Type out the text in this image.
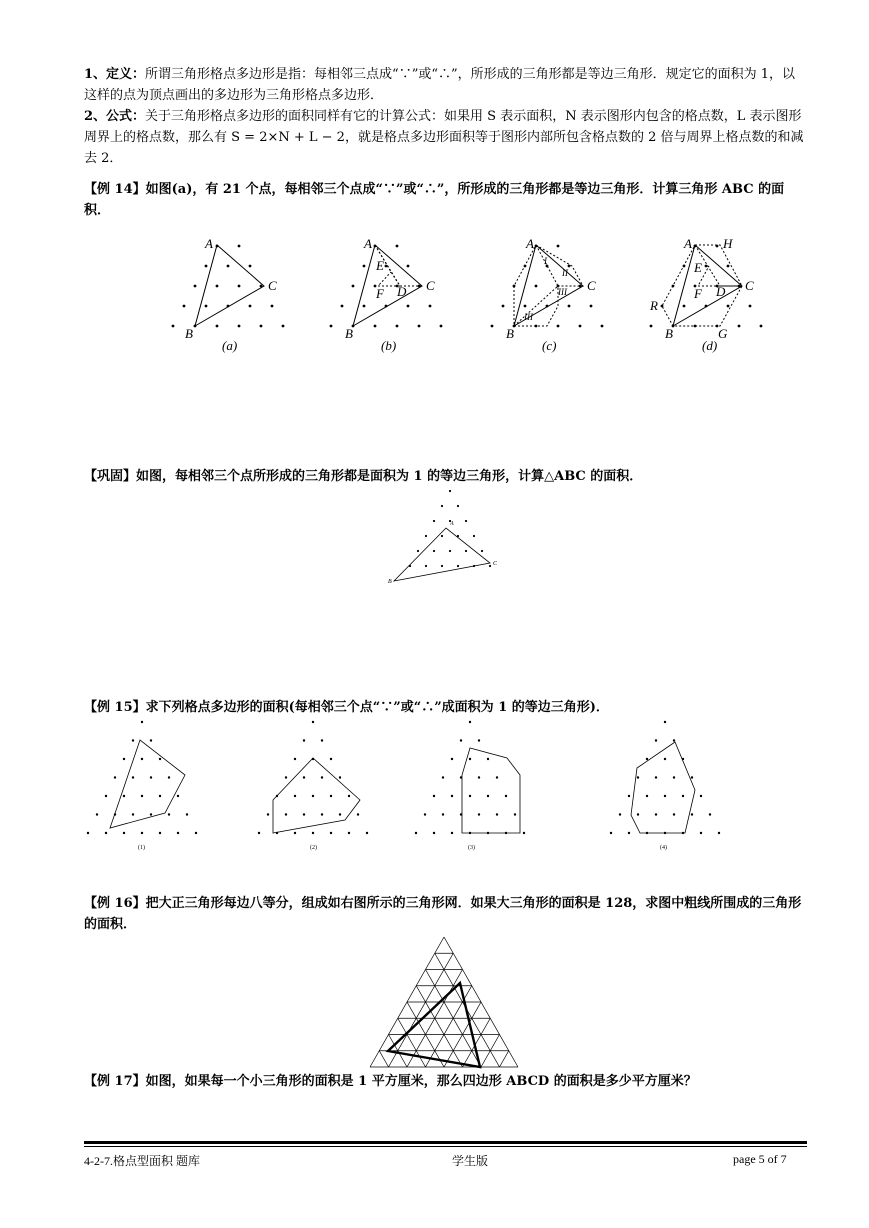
1、定义：所谓三角形格点多边形是指：每相邻三点成“∵”或“∴”，所形成的三角形都是等边三角形．规定它的面积为 1，以这样的点为顶点画出的多边形为三角形格点多边形．

2、公式：关于三角形格点多边形的面积同样有它的计算公式：如果用 S 表示面积，N 表示图形内包含的格点数，L 表示图形周界上的格点数，那么有 S = 2×N + L − 2，就是格点多边形面积等于图形内部所包含格点数的 2 倍与周界上格点数的和减去 2．

【例 14】如图(a)，有 21 个点，每相邻三个点成“∵”或“∴”，所形成的三角形都是等边三角形．计算三角形 ABC 的面积．

A
B
C
(a)
A
E
F D
B
C
(b)
A
I
II
III
III
B
C
(c)
A H
E
F D C
R
B	G
(d)

【巩固】如图，每相邻三个点所形成的三角形都是面积为 1 的等边三角形，计算△ABC 的面积．

A
B
C

【例 15】求下列格点多边形的面积(每相邻三个点“∵”或“∴”成面积为 1 的等边三角形)．

(1)	(2)	(3)	(4)

【例 16】把大正三角形每边八等分，组成如右图所示的三角形网．如果大三角形的面积是 128，求图中粗线所围成的三角形的面积．

【例 17】如图，如果每一个小三角形的面积是 1 平方厘米，那么四边形 ABCD 的面积是多少平方厘米？

4-2-7.格点型面积 题库	学生版	page 5 of 7
